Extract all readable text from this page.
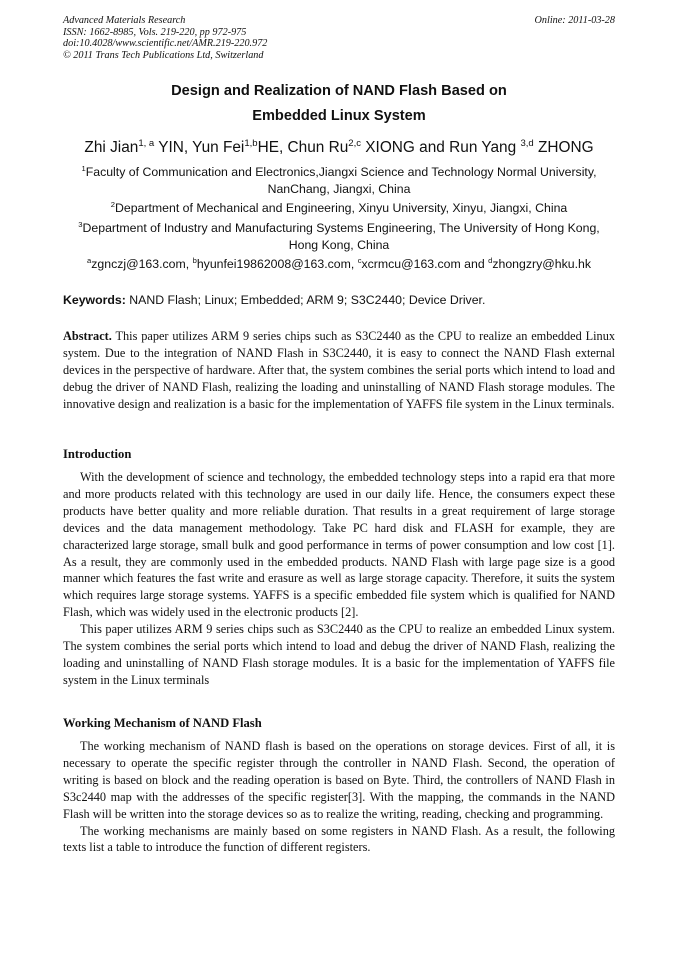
Advanced Materials Research
ISSN: 1662-8985, Vols. 219-220, pp 972-975
doi:10.4028/www.scientific.net/AMR.219-220.972
© 2011 Trans Tech Publications Ltd, Switzerland
Online: 2011-03-28
Design and Realization of NAND Flash Based on
Embedded Linux System
Zhi Jian$^{1, a}$ YIN, Yun Fei$^{1,b}$HE, Chun Ru$^{2,c}$ XIONG and Run Yang $^{3,d}$ ZHONG
$^1$Faculty of Communication and Electronics,Jiangxi Science and Technology Normal University, NanChang, Jiangxi, China
$^2$Department of Mechanical and Engineering, Xinyu University, Xinyu, Jiangxi, China
$^3$Department of Industry and Manufacturing Systems Engineering, The University of Hong Kong, Hong Kong, China
$^a$zgnczj@163.com, $^b$hyunfei19862008@163.com, $^c$xcrmcu@163.com and $^d$zhongzry@hku.hk
Keywords: NAND Flash; Linux; Embedded; ARM 9; S3C2440; Device Driver.
Abstract. This paper utilizes ARM 9 series chips such as S3C2440 as the CPU to realize an embedded Linux system. Due to the integration of NAND Flash in S3C2440, it is easy to connect the NAND Flash external devices in the perspective of hardware. After that, the system combines the serial ports which intend to load and debug the driver of NAND Flash, realizing the loading and uninstalling of NAND Flash storage modules. The innovative design and realization is a basic for the implementation of YAFFS file system in the Linux terminals.
Introduction

With the development of science and technology, the embedded technology steps into a rapid era that more and more products related with this technology are used in our daily life. Hence, the consumers expect these products have better quality and more reliable duration. That results in a great requirement of large storage devices and the data management methodology. Take PC hard disk and FLASH for example, they are characterized large storage, small bulk and good performance in terms of power consumption and low cost [1]. As a result, they are commonly used in the embedded products. NAND Flash with large page size is a good manner which features the fast write and erasure as well as large storage capacity. Therefore, it suits the system which requires large storage systems. YAFFS is a specific embedded file system which is qualified for NAND Flash, which was widely used in the electronic products [2].

This paper utilizes ARM 9 series chips such as S3C2440 as the CPU to realize an embedded Linux system. The system combines the serial ports which intend to load and debug the driver of NAND Flash, realizing the loading and uninstalling of NAND Flash storage modules. It is a basic for the implementation of YAFFS file system in the Linux terminals

Working Mechanism of NAND Flash

The working mechanism of NAND flash is based on the operations on storage devices. First of all, it is necessary to operate the specific register through the controller in NAND Flash. Second, the operation of writing is based on block and the reading operation is based on Byte. Third, the controllers of NAND Flash in S3c2440 map with the addresses of the specific register[3]. With the mapping, the commands in the NAND Flash will be written into the storage devices so as to realize the writing, reading, checking and programming.

The working mechanisms are mainly based on some registers in NAND Flash. As a result, the following texts list a table to introduce the function of different registers.
